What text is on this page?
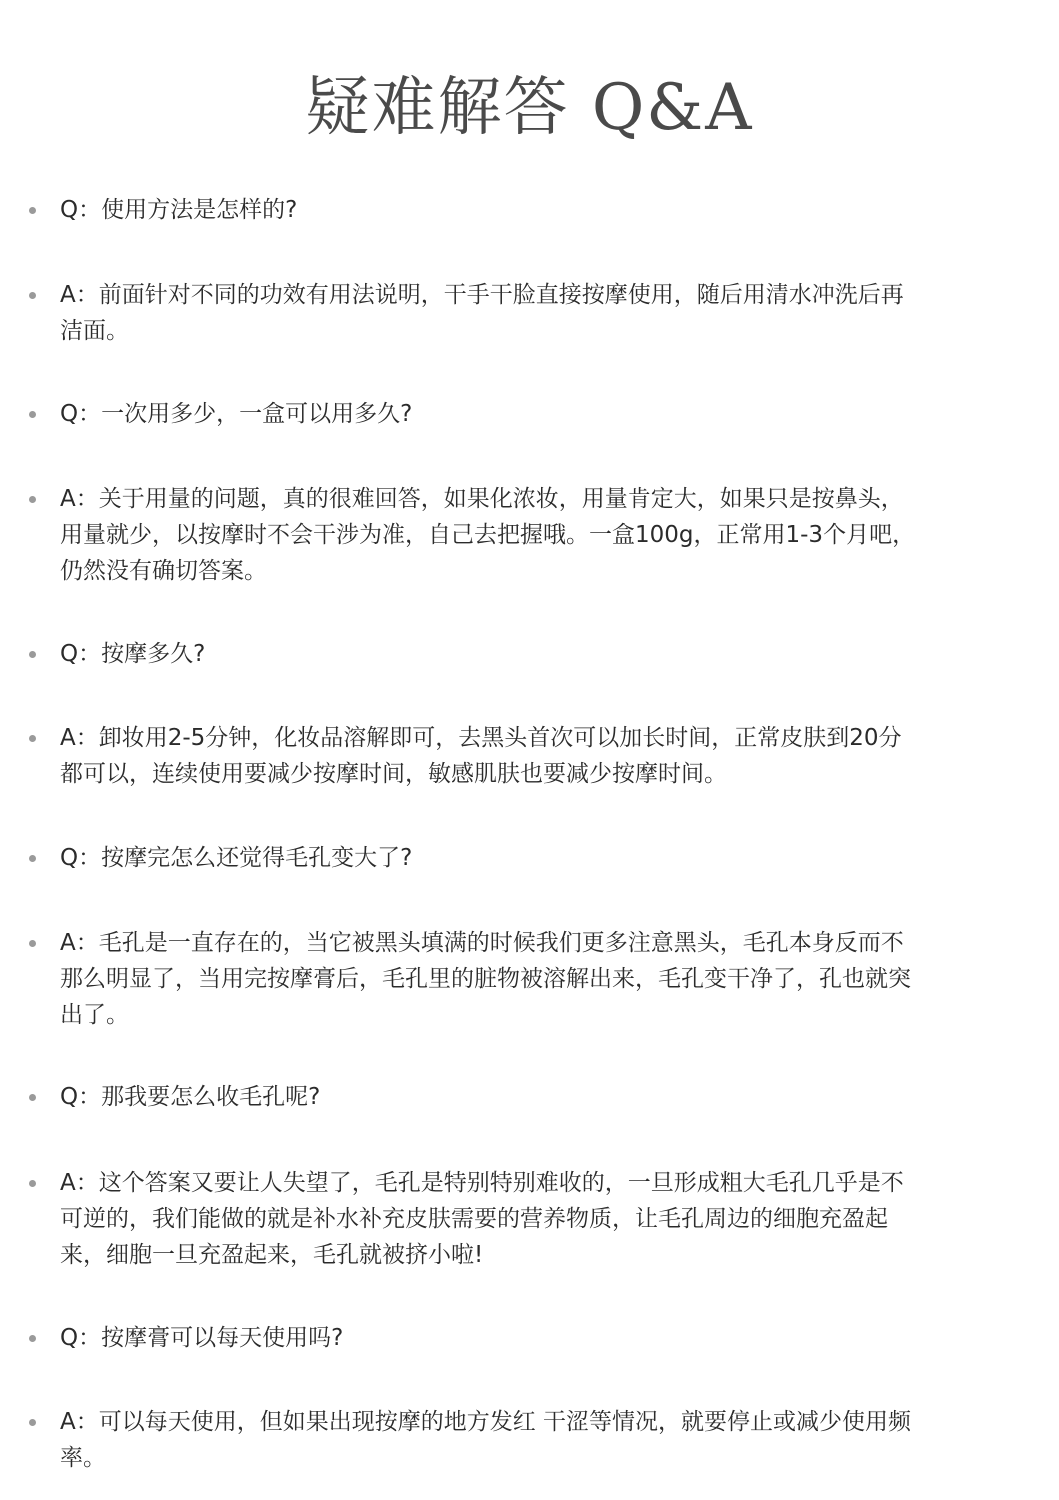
疑难解答 Q&A
Q：使用方法是怎样的?
A：前面针对不同的功效有用法说明，干手干脸直接按摩使用，随后用清水冲洗后再
洁面。
Q：一次用多少，一盒可以用多久?
A：关于用量的问题，真的很难回答，如果化浓妆，用量肯定大，如果只是按鼻头，
用量就少，以按摩时不会干涉为准，自己去把握哦。一盒100g，正常用1-3个月吧，
仍然没有确切答案。
Q：按摩多久?
A：卸妆用2-5分钟，化妆品溶解即可，去黑头首次可以加长时间，正常皮肤到20分
都可以，连续使用要减少按摩时间，敏感肌肤也要减少按摩时间。
Q：按摩完怎么还觉得毛孔变大了?
A：毛孔是一直存在的，当它被黑头填满的时候我们更多注意黑头，毛孔本身反而不
那么明显了，当用完按摩膏后，毛孔里的脏物被溶解出来，毛孔变干净了，孔也就突
出了。
Q：那我要怎么收毛孔呢?
A：这个答案又要让人失望了，毛孔是特别特别难收的，一旦形成粗大毛孔几乎是不
可逆的，我们能做的就是补水补充皮肤需要的营养物质，让毛孔周边的细胞充盈起
来，细胞一旦充盈起来，毛孔就被挤小啦!
Q：按摩膏可以每天使用吗?
A：可以每天使用，但如果出现按摩的地方发红 干涩等情况，就要停止或减少使用频
率。
